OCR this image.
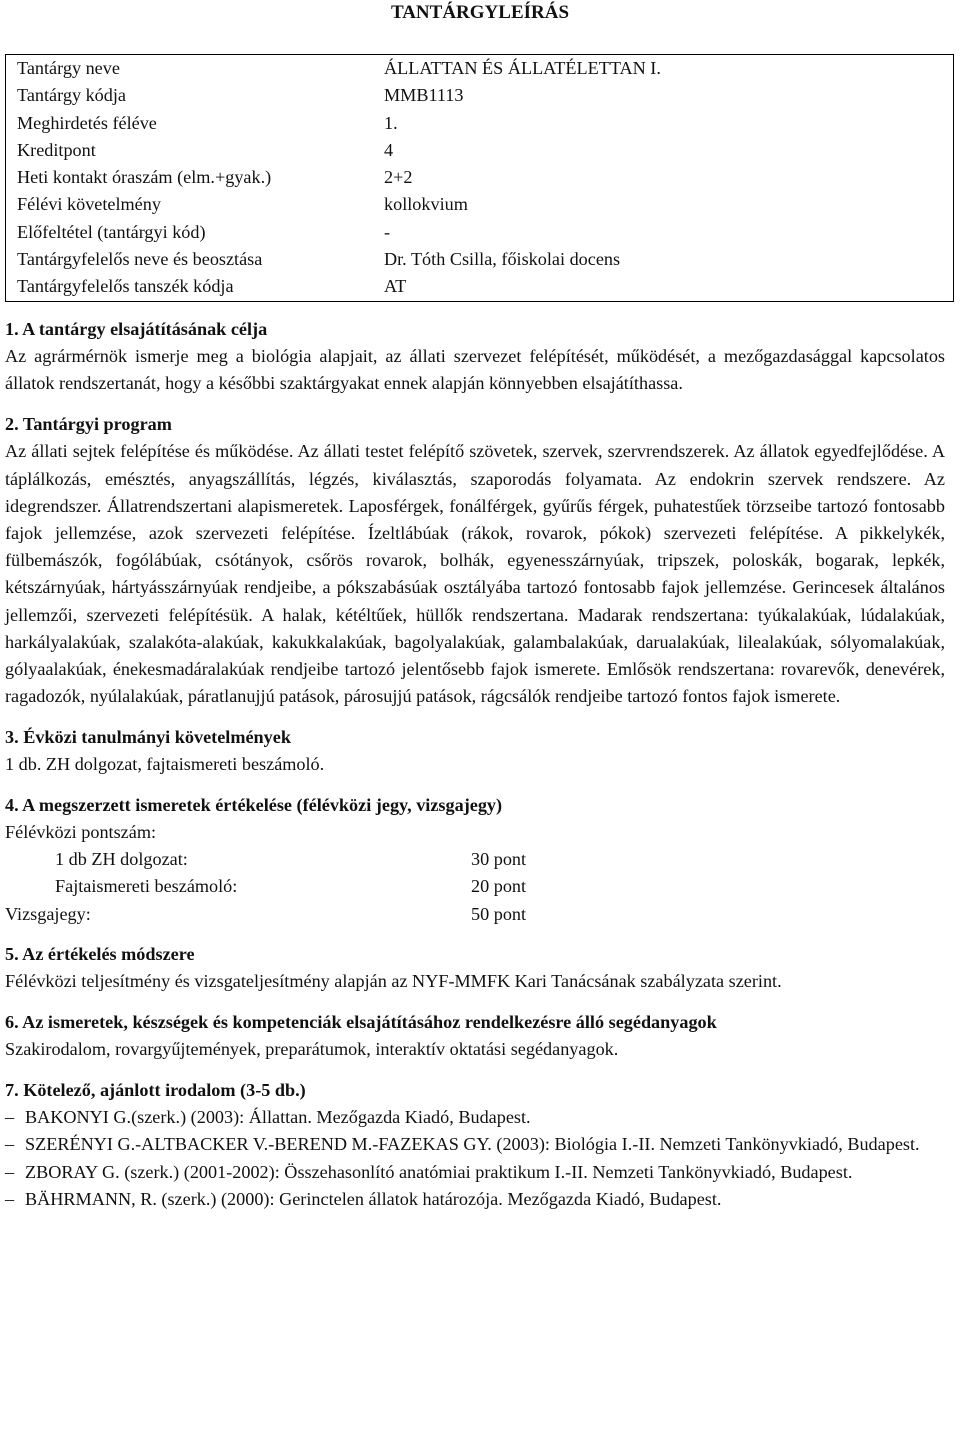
TANTÁRGYLEÍRÁS
Tantárgy neve	ÁLLATTAN ÉS ÁLLATÉLETTAN I.
Tantárgy kódja	MMB1113
Meghirdetés féléve	1.
Kreditpont	4
Heti kontakt óraszám (elm.+gyak.)	2+2
Félévi követelmény	kollokvium
Előfeltétel (tantárgyi kód)	-
Tantárgyfelelős neve és beosztása	Dr. Tóth Csilla, főiskolai docens
Tantárgyfelelős tanszék kódja	AT
1. A tantárgy elsajátításának célja

Az agrármérnök ismerje meg a biológia alapjait, az állati szervezet felépítését, működését, a mezőgazdasággal kapcsolatos állatok rendszertanát, hogy a későbbi szaktárgyakat ennek alapján könnyebben elsajátíthassa.

2. Tantárgyi program

Az állati sejtek felépítése és működése. Az állati testet felépítő szövetek, szervek, szervrendszerek. Az állatok egyedfejlődése. A táplálkozás, emésztés, anyagszállítás, légzés, kiválasztás, szaporodás folyamata. Az endokrin szervek rendszere. Az idegrendszer. Állatrendszertani alapismeretek. Laposférgek, fonálférgek, gyűrűs férgek, puhatestűek törzseibe tartozó fontosabb fajok jellemzése, azok szervezeti felépítése. Ízeltlábúak (rákok, rovarok, pókok) szervezeti felépítése. A pikkelykék, fülbemászók, fogólábúak, csótányok, csőrös rovarok, bolhák, egyenesszárnyúak, tripszek, poloskák, bogarak, lepkék, kétszárnyúak, hártyásszárnyúak rendjeibe, a pókszabásúak osztályába tartozó fontosabb fajok jellemzése. Gerincesek általános jellemzői, szervezeti felépítésük. A halak, kétéltűek, hüllők rendszertana. Madarak rendszertana: tyúkalakúak, lúdalakúak, harkályalakúak, szalakóta-alakúak, kakukkalakúak, bagolyalakúak, galambalakúak, darualakúak, lilealakúak, sólyomalakúak, gólyaalakúak, énekesmadáralakúak rendjeibe tartozó jelentősebb fajok ismerete. Emlősök rendszertana: rovarevők, denevérek, ragadozók, nyúlalakúak, páratlanujjú patások, párosujjú patások, rágcsálók rendjeibe tartozó fontos fajok ismerete.

3. Évközi tanulmányi követelmények

1 db. ZH dolgozat, fajtaismereti beszámoló.

4. A megszerzett ismeretek értékelése (félévközi jegy, vizsgajegy)
Félévközi pontszám:
	1 db ZH dolgozat:	30 pont
	Fajtaismereti beszámoló:	20 pont
Vizsgajegy:		50 pont
5. Az értékelés módszere

Félévközi teljesítmény és vizsgateljesítmény alapján az NYF-MMFK Kari Tanácsának szabályzata szerint.

6. Az ismeretek, készségek és kompetenciák elsajátításához rendelkezésre álló segédanyagok

Szakirodalom, rovargyűjtemények, preparátumok, interaktív oktatási segédanyagok.

7. Kötelező, ajánlott irodalom (3-5 db.)
– BAKONYI G.(szerk.) (2003): Állattan. Mezőgazda Kiadó, Budapest.
– SZERÉNYI G.-ALTBACKER V.-BEREND M.-FAZEKAS GY. (2003): Biológia I.-II. Nemzeti Tankönyvkiadó, Budapest.
– ZBORAY G. (szerk.) (2001-2002): Összehasonlító anatómiai praktikum I.-II. Nemzeti Tankönyvkiadó, Budapest.
– BÄHRMANN, R. (szerk.) (2000): Gerinctelen állatok határozója. Mezőgazda Kiadó, Budapest.
